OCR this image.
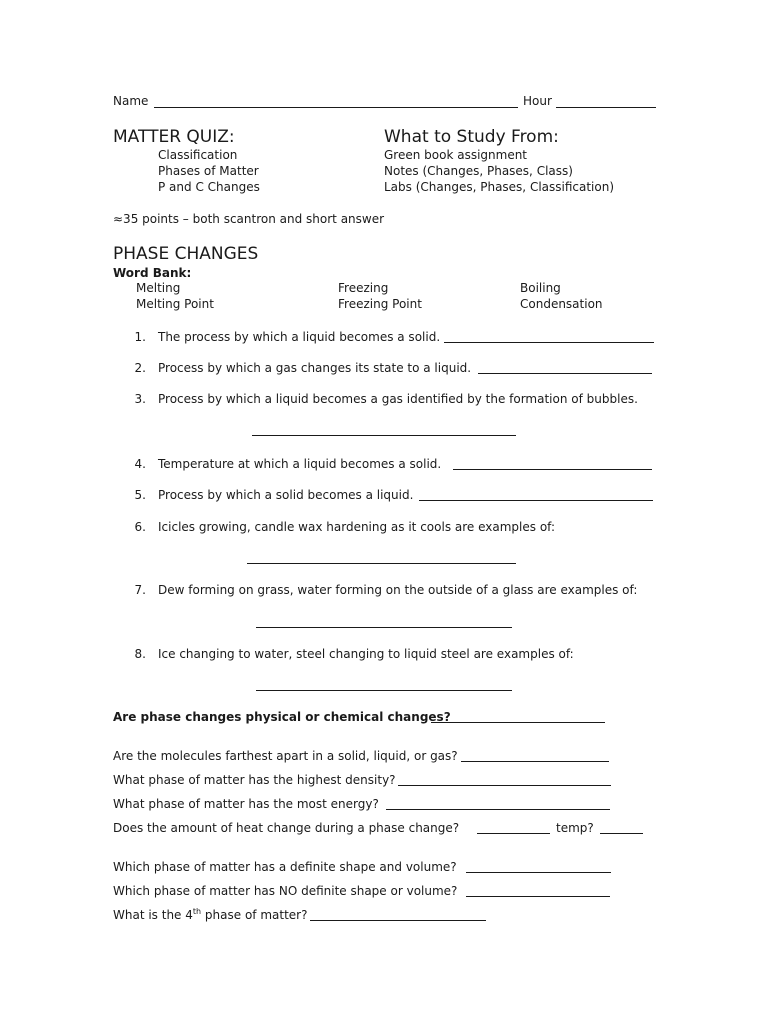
Name	Hour
MATTER QUIZ:
Classification
Phases of Matter
P and C Changes
What to Study From:
Green book assignment
Notes (Changes, Phases, Class)
Labs (Changes, Phases, Classification)
≈35 points – both scantron and short answer
PHASE CHANGES
Word Bank:
Melting	Freezing	Boiling
Melting Point	Freezing Point	Condensation
1. The process by which a liquid becomes a solid.
2. Process by which a gas changes its state to a liquid.
3. Process by which a liquid becomes a gas identified by the formation of bubbles.
4. Temperature at which a liquid becomes a solid.
5. Process by which a solid becomes a liquid.
6. Icicles growing, candle wax hardening as it cools are examples of:
7. Dew forming on grass, water forming on the outside of a glass are examples of:
8. Ice changing to water, steel changing to liquid steel are examples of:
Are phase changes physical or chemical changes?
Are the molecules farthest apart in a solid, liquid, or gas?
What phase of matter has the highest density?
What phase of matter has the most energy?
Does the amount of heat change during a phase change?	temp?
Which phase of matter has a definite shape and volume?
Which phase of matter has NO definite shape or volume?
What is the 4th phase of matter?
